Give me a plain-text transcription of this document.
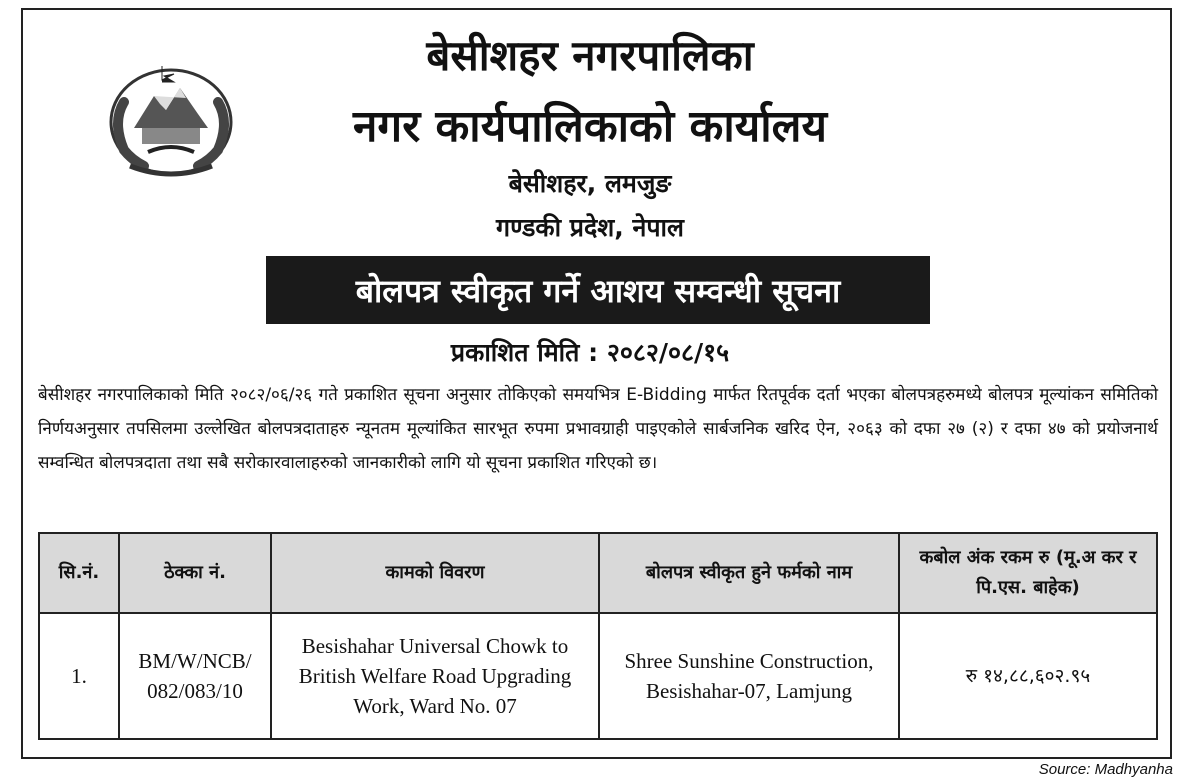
बेसीशहर नगरपालिका
नगर कार्यपालिकाको कार्यालय
बेसीशहर, लमजुङ
गण्डकी प्रदेश, नेपाल
बोलपत्र स्वीकृत गर्ने आशय सम्वन्धी सूचना
प्रकाशित मिति : २०८२/०८/१५
बेसीशहर नगरपालिकाको मिति २०८२/०६/२६ गते प्रकाशित सूचना अनुसार तोकिएको समयभित्र E-Bidding मार्फत रितपूर्वक दर्ता भएका बोलपत्रहरुमध्ये बोलपत्र मूल्यांकन समितिको निर्णयअनुसार तपसिलमा उल्लेखित बोलपत्रदाताहरु न्यूनतम मूल्यांकित सारभूत रुपमा प्रभावग्राही पाइएकोले सार्बजनिक खरिद ऐन, २०६३ को दफा २७ (२) र दफा ४७ को प्रयोजनार्थ सम्वन्धित बोलपत्रदाता तथा सबै सरोकारवालाहरुको जानकारीको लागि यो सूचना प्रकाशित गरिएको छ।
सि.नं.	ठेक्का नं.	कामको विवरण	बोलपत्र स्वीकृत हुने फर्मको नाम	कबोल अंक रकम रु (मू.अ कर र पि.एस. बाहेक)
1.	BM/W/NCB/ 082/083/10	Besishahar Universal Chowk to British Welfare Road Upgrading Work, Ward No. 07	Shree Sunshine Construction, Besishahar-07, Lamjung	रु १४,८८,६०२.९५
Source: Madhyanha
